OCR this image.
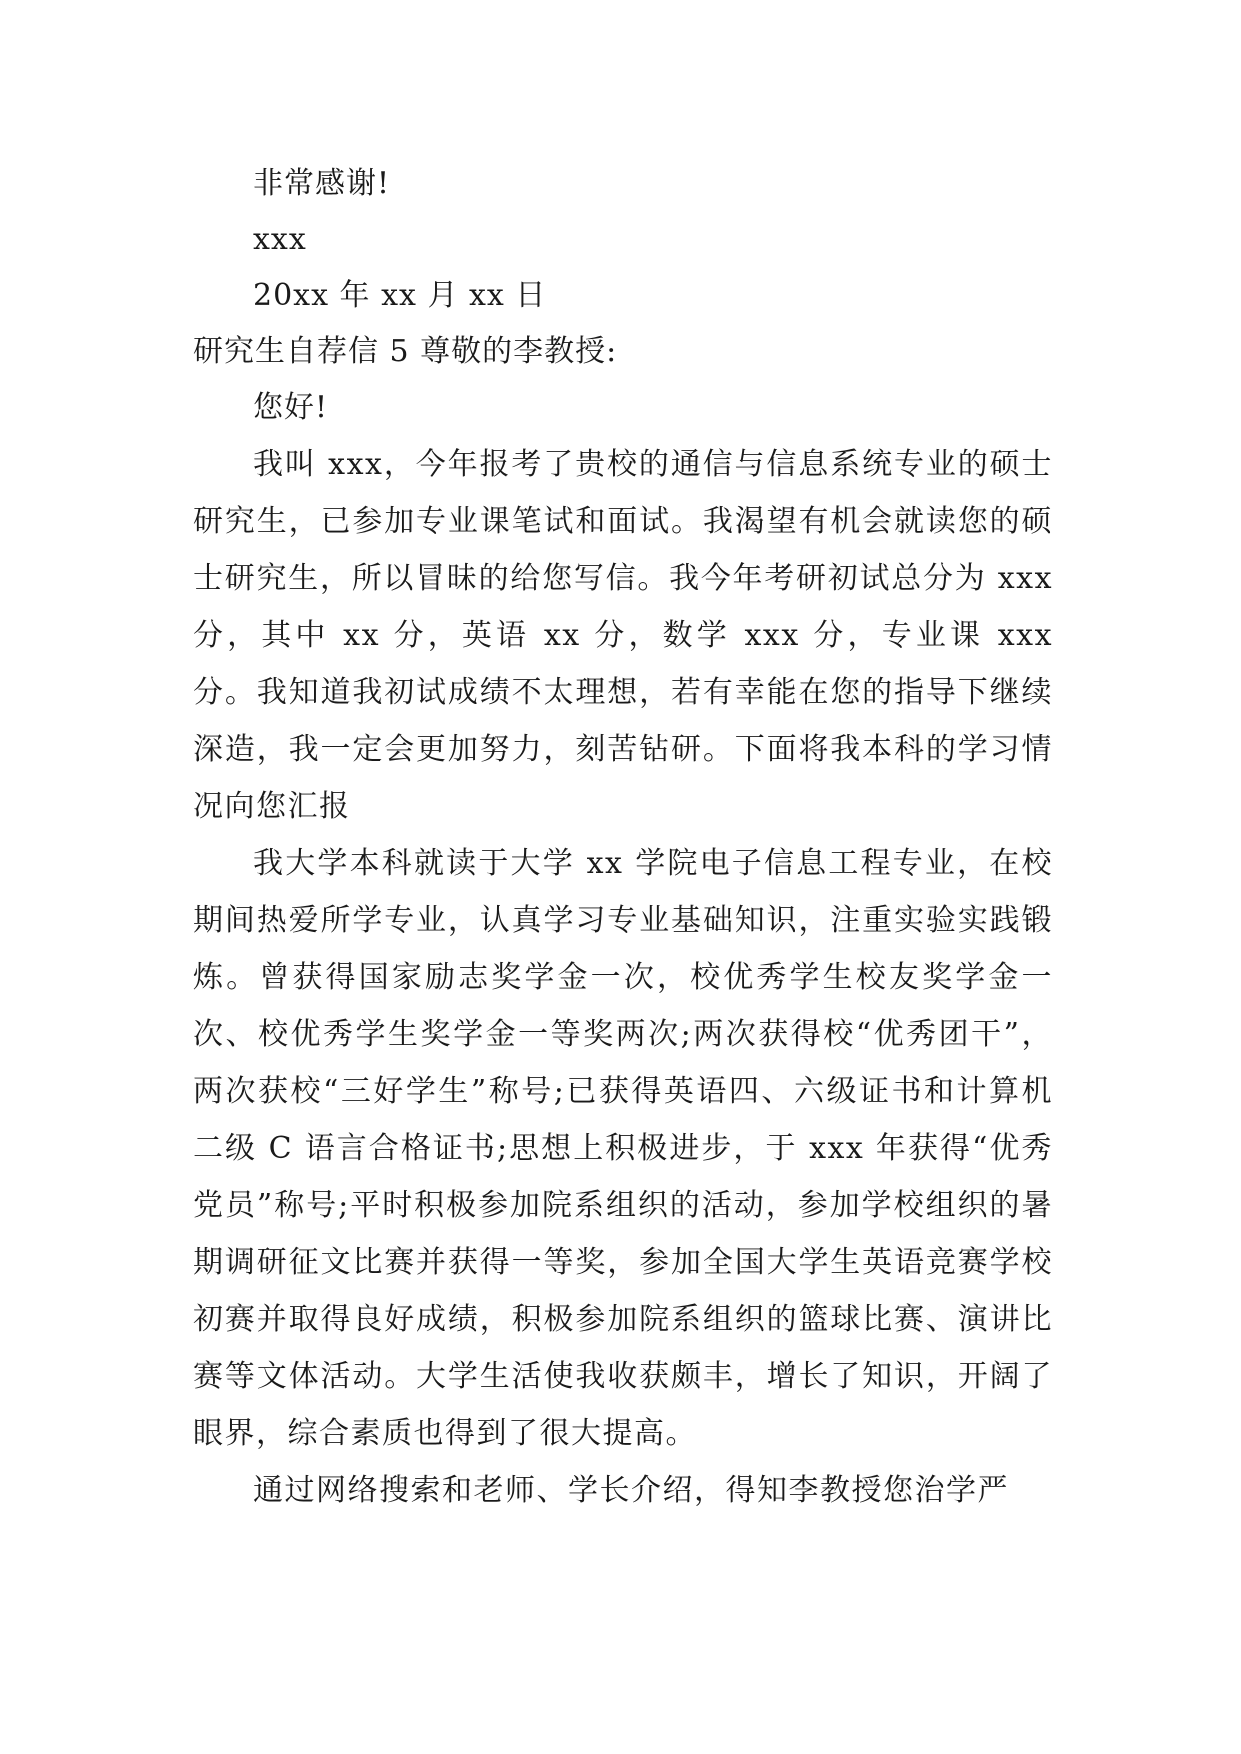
非常感谢!
xxx
20xx 年 xx 月 xx 日
研究生自荐信 5 尊敬的李教授:
您好!

我叫 xxx，今年报考了贵校的通信与信息系统专业的硕士研究生，已参加专业课笔试和面试。我渴望有机会就读您的硕士研究生，所以冒昧的给您写信。我今年考研初试总分为 xxx 分，其中 xx 分，英语 xx 分，数学 xxx 分，专业课 xxx 分。我知道我初试成绩不太理想，若有幸能在您的指导下继续深造，我一定会更加努力，刻苦钻研。下面将我本科的学习情况向您汇报

我大学本科就读于大学 xx 学院电子信息工程专业，在校期间热爱所学专业，认真学习专业基础知识，注重实验实践锻炼。曾获得国家励志奖学金一次，校优秀学生校友奖学金一次、校优秀学生奖学金一等奖两次;两次获得校“优秀团干”，两次获校“三好学生”称号;已获得英语四、六级证书和计算机二级 C 语言合格证书;思想上积极进步，于 xxx 年获得“优秀党员”称号;平时积极参加院系组织的活动，参加学校组织的暑期调研征文比赛并获得一等奖，参加全国大学生英语竞赛学校初赛并取得良好成绩，积极参加院系组织的篮球比赛、演讲比赛等文体活动。大学生活使我收获颇丰，增长了知识，开阔了眼界，综合素质也得到了很大提高。

通过网络搜索和老师、学长介绍，得知李教授您治学严
